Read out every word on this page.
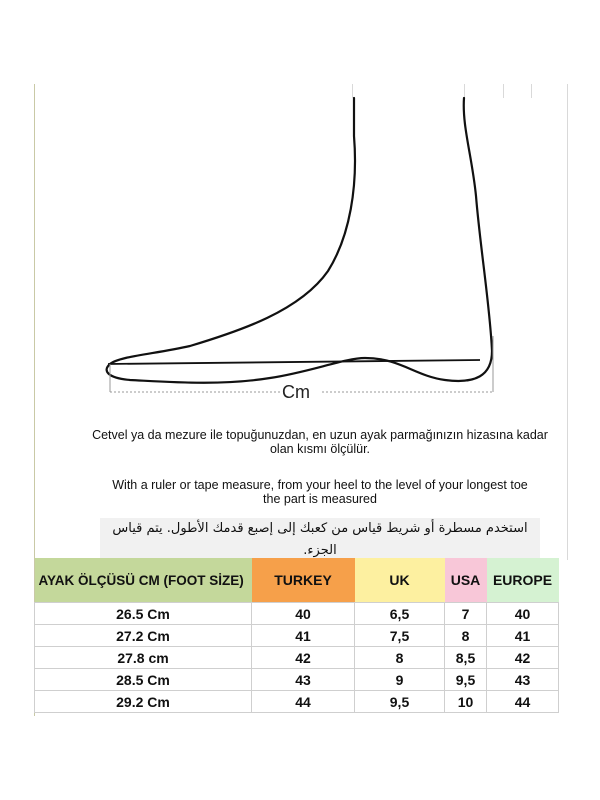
Cm
Cetvel ya da mezure ile topuğunuzdan, en uzun ayak parmağınızın hizasına kadar
olan kısmı ölçülür.
With a ruler or tape measure, from your heel to the level of your longest toe
the part is measured
استخدم مسطرة أو شريط قياس من كعبك إلى إصبع قدمك الأطول. يتم قياس الجزء.
AYAK ÖLÇÜSÜ CM (FOOT SİZE)	TURKEY	UK	USA	EUROPE
26.5 Cm	40	6,5	7	40
27.2 Cm	41	7,5	8	41
27.8 cm	42	8	8,5	42
28.5 Cm	43	9	9,5	43
29.2 Cm	44	9,5	10	44
